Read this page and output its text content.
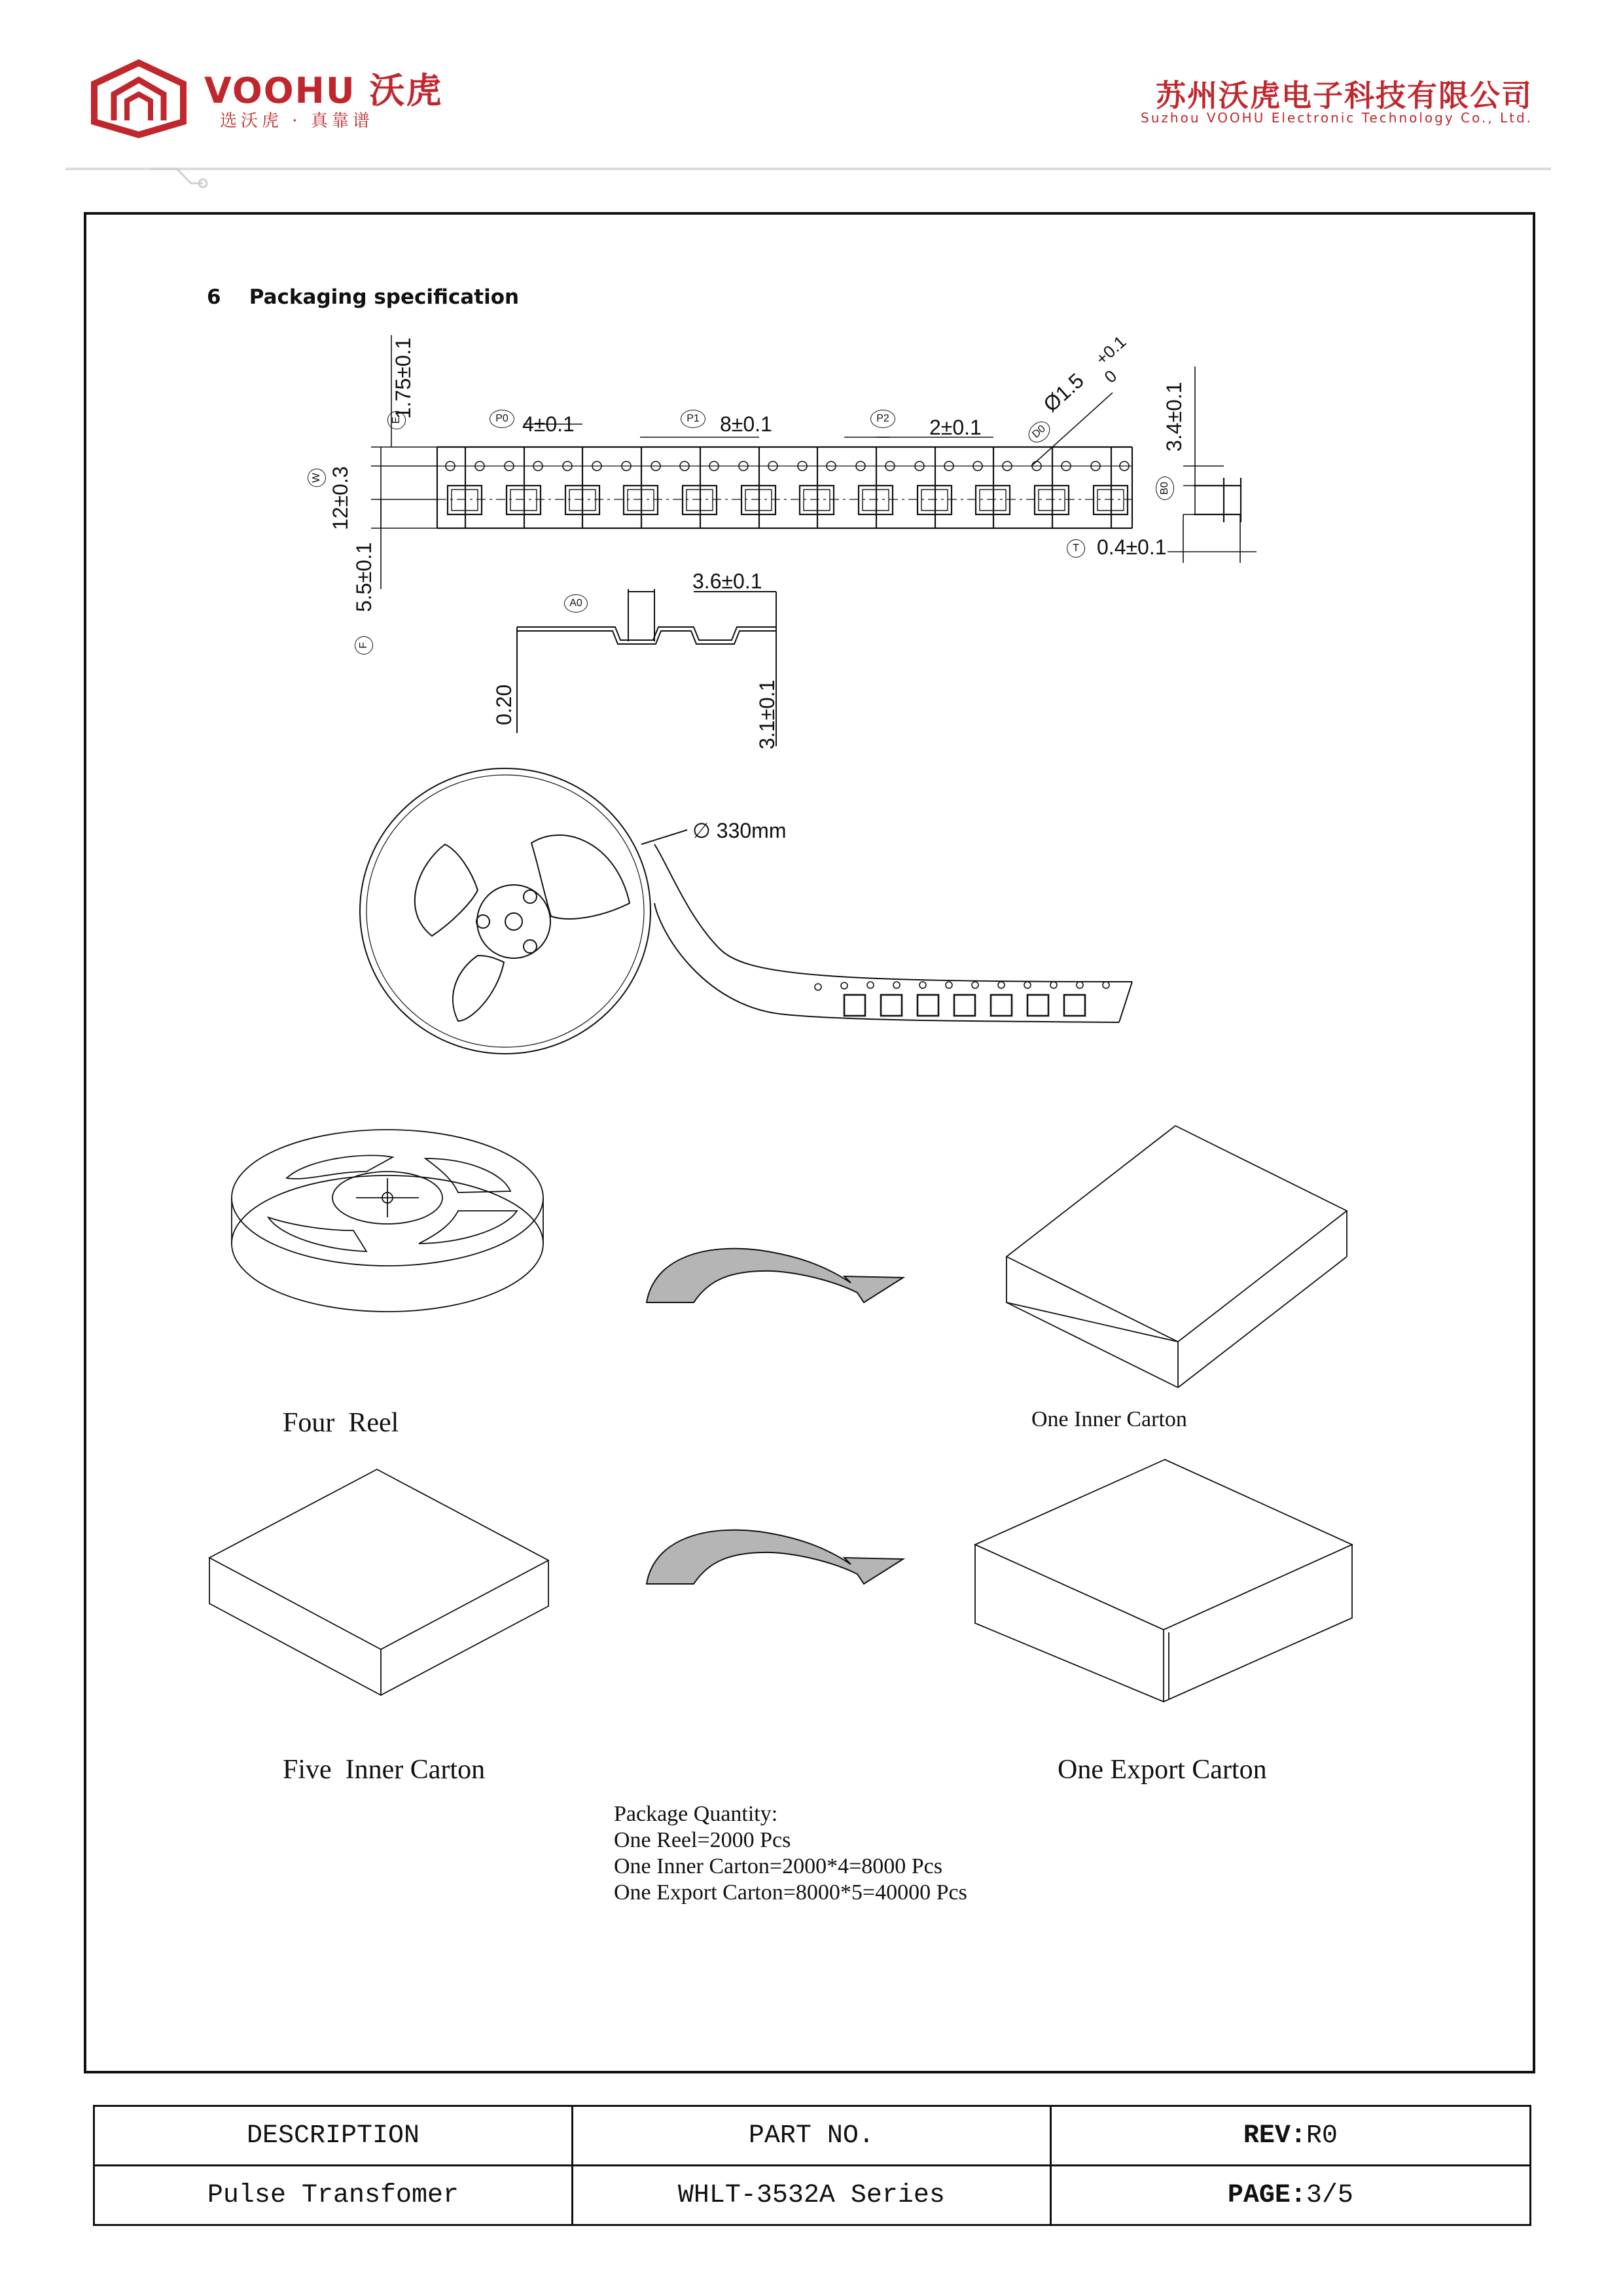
VOOHU 沃虎
选沃虎 · 真靠谱
苏州沃虎电子科技有限公司
Suzhou VOOHU Electronic Technology Co., Ltd.
6    Packaging specification
1.75±0.1
12±0.3
5.5±0.1
4±0.1	8±0.1	2±0.1
Ø1.5
+0.1
0
3.4±0.1
0.4±0.1
3.6±0.1
0.20	3.1±0.1
E
W
F
P0	P1	P2
D0
B0
T
A0
∅ 330mm
Four  Reel	One Inner Carton
Five  Inner Carton	One Export Carton
Package Quantity:
One Reel=2000 Pcs
One Inner Carton=2000*4=8000 Pcs
One Export Carton=8000*5=40000 Pcs
DESCRIPTION	PART NO.	REV:R0
Pulse Transfomer	WHLT-3532A Series	PAGE:3/5
